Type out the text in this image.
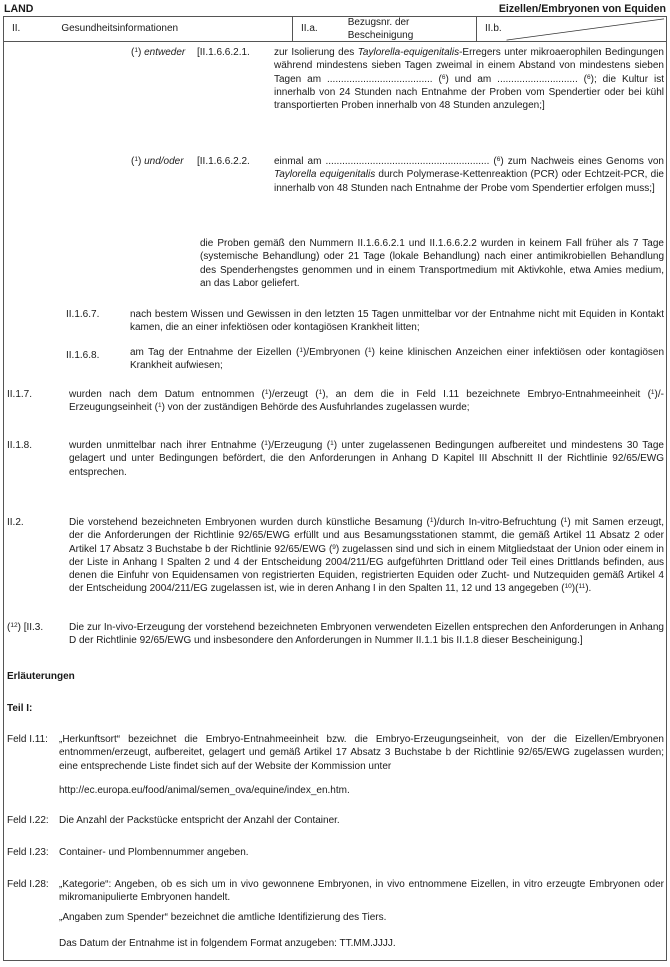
LAND	Eizellen/Embryonen von Equiden
II.	Gesundheitsinformationen	II.a.
Bezugsnr. der Bescheinigung
II.b.
($^1$) entweder [II.1.6.6.2.1. zur Isolierung des Taylorella-equigenitalis-Erregers unter mikroaerophilen Bedingungen während mindestens sieben Tagen zweimal in einem Abstand von mindestens sieben Tagen am ...................................... ($^6$) und am ............................. ($^6$); die Kultur ist innerhalb von 24 Stunden nach Entnahme der Proben vom Spendertier oder bei kühl transportierten Proben innerhalb von 48 Stunden anzulegen;]
($^1$) und/oder [II.1.6.6.2.2. einmal am ........................................................... ($^6$) zum Nachweis eines Genoms von Taylorella equigenitalis durch Polymerase-Kettenreaktion (PCR) oder Echtzeit-PCR, die innerhalb von 48 Stunden nach Entnahme der Probe vom Spendertier erfolgen muss;]
die Proben gemäß den Nummern II.1.6.6.2.1 und II.1.6.6.2.2 wurden in keinem Fall früher als 7 Tage (systemische Behandlung) oder 21 Tage (lokale Behandlung) nach einer antimikrobiellen Behandlung des Spenderhengstes genommen und in einem Transportmedium mit Aktivkohle, etwa Amies medium, an das Labor geliefert.
II.1.6.7.	nach bestem Wissen und Gewissen in den letzten 15 Tagen unmittelbar vor der Entnahme nicht mit Equiden in Kontakt kamen, die an einer infektiösen oder kontagiösen Krankheit litten;
II.1.6.8.	am Tag der Entnahme der Eizellen ($^1$)/Embryonen ($^1$) keine klinischen Anzeichen einer infektiösen oder kontagiösen Krankheit aufwiesen;
II.1.7.	wurden nach dem Datum entnommen ($^1$)/erzeugt ($^1$), an dem die in Feld I.11 bezeichnete Embryo-Entnahmeeinheit ($^1$)/-Erzeugungseinheit ($^1$) von der zuständigen Behörde des Ausfuhrlandes zugelassen wurde;
II.1.8.	wurden unmittelbar nach ihrer Entnahme ($^1$)/Erzeugung ($^1$) unter zugelassenen Bedingungen aufbereitet und mindestens 30 Tage gelagert und unter Bedingungen befördert, die den Anforderungen in Anhang D Kapitel III Abschnitt II der Richtlinie 92/65/EWG entsprechen.
II.2.	Die vorstehend bezeichneten Embryonen wurden durch künstliche Besamung ($^1$)/durch In-vitro-Befruchtung ($^1$) mit Samen erzeugt, der die Anforderungen der Richtlinie 92/65/EWG erfüllt und aus Besamungsstationen stammt, die gemäß Artikel 11 Absatz 2 oder Artikel 17 Absatz 3 Buchstabe b der Richtlinie 92/65/EWG ($^9$) zugelassen sind und sich in einem Mitgliedstaat der Union oder einem in der Liste in Anhang I Spalten 2 und 4 der Entscheidung 2004/211/EG aufgeführten Drittland oder Teil eines Drittlands befinden, aus denen die Einfuhr von Equidensamen von registrierten Equiden, registrierten Equiden oder Zucht- und Nutzequiden gemäß Artikel 4 der Entscheidung 2004/211/EG zugelassen ist, wie in deren Anhang I in den Spalten 11, 12 und 13 angegeben ($^{10}$)($^{11}$).
($^{12}$) [II.3.	Die zur In-vivo-Erzeugung der vorstehend bezeichneten Embryonen verwendeten Eizellen entsprechen den Anforderungen in Anhang D der Richtlinie 92/65/EWG und insbesondere den Anforderungen in Nummer II.1.1 bis II.1.8 dieser Bescheinigung.]
Erläuterungen
Teil I:
Feld I.11: „Herkunftsort“ bezeichnet die Embryo-Entnahmeeinheit bzw. die Embryo-Erzeugungseinheit, von der die Eizellen/Embryonen entnommen/erzeugt, aufbereitet, gelagert und gemäß Artikel 17 Absatz 3 Buchstabe b der Richtlinie 92/65/EWG zugelassen wurden; eine entsprechende Liste findet sich auf der Website der Kommission unter
http://ec.europa.eu/food/animal/semen_ova/equine/index_en.htm.
Feld I.22: Die Anzahl der Packstücke entspricht der Anzahl der Container.
Feld I.23: Container- und Plombennummer angeben.
Feld I.28: „Kategorie“: Angeben, ob es sich um in vivo gewonnene Embryonen, in vivo entnommene Eizellen, in vitro erzeugte Embryonen oder mikromanipulierte Embryonen handelt.
„Angaben zum Spender“ bezeichnet die amtliche Identifizierung des Tiers.
Das Datum der Entnahme ist in folgendem Format anzugeben: TT.MM.JJJJ.
